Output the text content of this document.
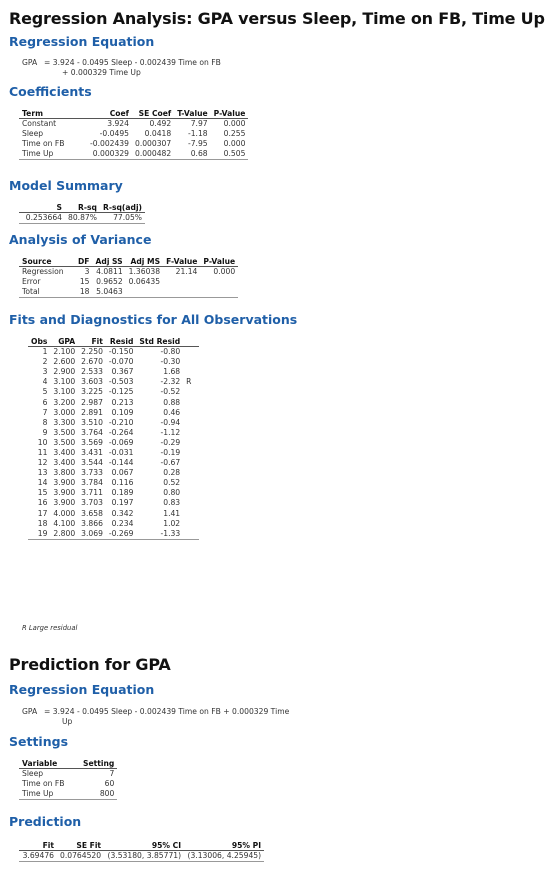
Regression Analysis: GPA versus Sleep, Time on FB, Time Up
Regression Equation
GPA = 3.924 - 0.0495 Sleep - 0.002439 Time on FB
+ 0.000329 Time Up
Coefficients
Term	Coef	SE Coef	T-Value	P-Value
Constant	3.924	0.492	7.97	0.000
Sleep	-0.0495	0.0418	-1.18	0.255
Time on FB	-0.002439	0.000307	-7.95	0.000
Time Up	0.000329	0.000482	0.68	0.505
Model Summary
S	R-sq	R-sq(adj)
0.253664	80.87%	77.05%
Analysis of Variance
Source	DF	Adj SS	Adj MS	F-Value	P-Value
Regression	3	4.0811	1.36038	21.14	0.000
Error	15	0.9652	0.06435		
Total	18	5.0463			
Fits and Diagnostics for All Observations
Obs	GPA	Fit	Resid	Std Resid	
1	2.100	2.250	-0.150	-0.80	
2	2.600	2.670	-0.070	-0.30	
3	2.900	2.533	0.367	1.68	
4	3.100	3.603	-0.503	-2.32	R
5	3.100	3.225	-0.125	-0.52	
6	3.200	2.987	0.213	0.88	
7	3.000	2.891	0.109	0.46	
8	3.300	3.510	-0.210	-0.94	
9	3.500	3.764	-0.264	-1.12	
10	3.500	3.569	-0.069	-0.29	
11	3.400	3.431	-0.031	-0.19	
12	3.400	3.544	-0.144	-0.67	
13	3.800	3.733	0.067	0.28	
14	3.900	3.784	0.116	0.52	
15	3.900	3.711	0.189	0.80	
16	3.900	3.703	0.197	0.83	
17	4.000	3.658	0.342	1.41	
18	4.100	3.866	0.234	1.02	
19	2.800	3.069	-0.269	-1.33	
R Large residual
Prediction for GPA
Regression Equation
GPA = 3.924 - 0.0495 Sleep - 0.002439 Time on FB + 0.000329 Time
Up
Settings
Variable	Setting
Sleep	7
Time on FB	60
Time Up	800
Prediction
Fit	SE Fit	95% CI	95% PI
3.69476	0.0764520	(3.53180, 3.85771)	(3.13006, 4.25945)
